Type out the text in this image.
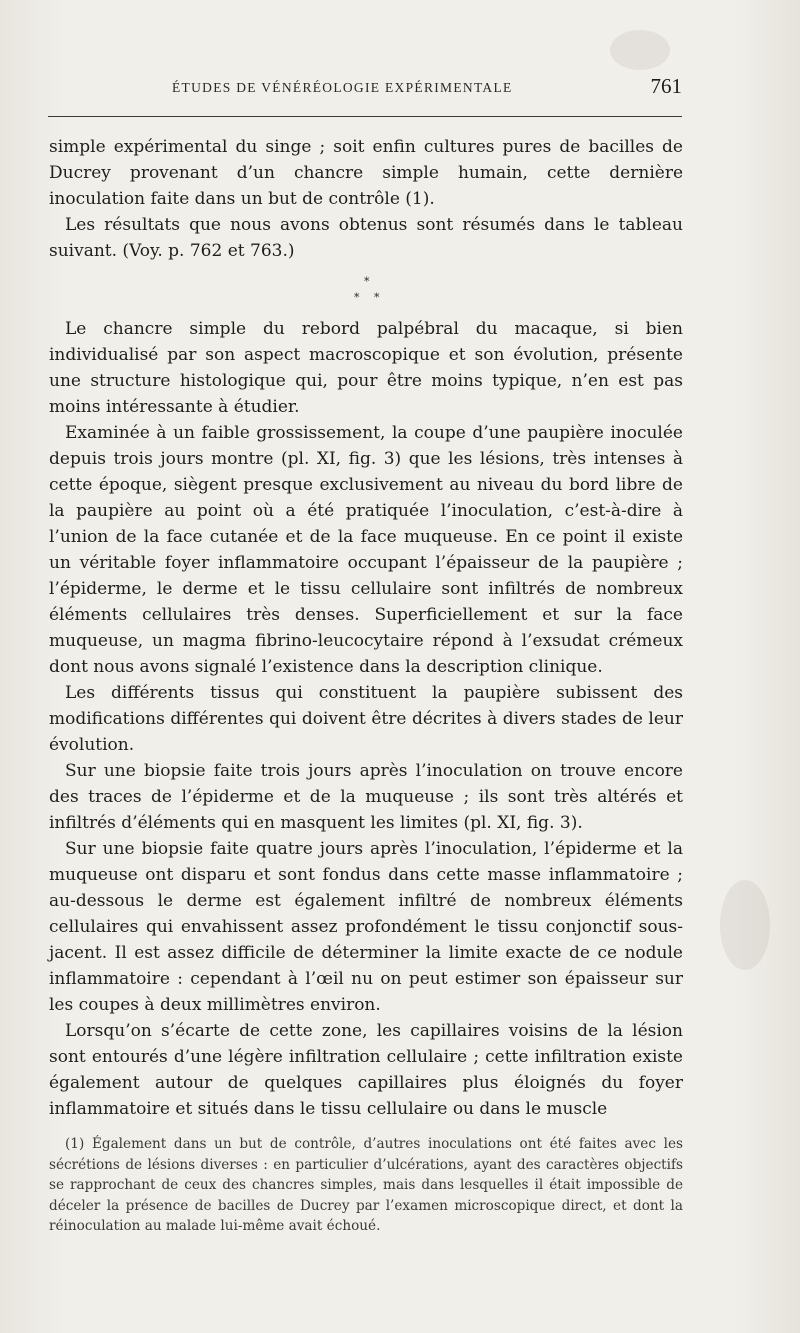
ÉTUDES DE VÉNÉRÉOLOGIE EXPÉRIMENTALE	761

simple expérimental du singe ; soit enfin cultures pures de bacilles de Ducrey provenant d’un chancre simple humain, cette dernière inoculation faite dans un but de contrôle (1).

Les résultats que nous avons obtenus sont résumés dans le tableau suivant. (Voy. p. 762 et 763.)

*
* *

Le chancre simple du rebord palpébral du macaque, si bien individualisé par son aspect macroscopique et son évolution, présente une structure histologique qui, pour être moins typique, n’en est pas moins intéressante à étudier.

Examinée à un faible grossissement, la coupe d’une paupière inoculée depuis trois jours montre (pl. XI, fig. 3) que les lésions, très intenses à cette époque, siègent presque exclusivement au niveau du bord libre de la paupière au point où a été pratiquée l’inoculation, c’est-à-dire à l’union de la face cutanée et de la face muqueuse. En ce point il existe un véritable foyer inflammatoire occupant l’épaisseur de la paupière ; l’épiderme, le derme et le tissu cellulaire sont infiltrés de nombreux éléments cellulaires très denses. Superficiellement et sur la face muqueuse, un magma fibrino-leucocytaire répond à l’exsudat crémeux dont nous avons signalé l’existence dans la description clinique.

Les différents tissus qui constituent la paupière subissent des modifications différentes qui doivent être décrites à divers stades de leur évolution.

Sur une biopsie faite trois jours après l’inoculation on trouve encore des traces de l’épiderme et de la muqueuse ; ils sont très altérés et infiltrés d’éléments qui en masquent les limites (pl. XI, fig. 3).

Sur une biopsie faite quatre jours après l’inoculation, l’épiderme et la muqueuse ont disparu et sont fondus dans cette masse inflammatoire ; au-dessous le derme est également infiltré de nombreux éléments cellulaires qui envahissent assez profondément le tissu conjonctif sous-jacent. Il est assez difficile de déterminer la limite exacte de ce nodule inflammatoire : cependant à l’œil nu on peut estimer son épaisseur sur les coupes à deux millimètres environ.

Lorsqu’on s’écarte de cette zone, les capillaires voisins de la lésion sont entourés d’une légère infiltration cellulaire ; cette infiltration existe également autour de quelques capillaires plus éloignés du foyer inflammatoire et situés dans le tissu cellulaire ou dans le muscle

(1) Également dans un but de contrôle, d’autres inoculations ont été faites avec les sécrétions de lésions diverses : en particulier d’ulcérations, ayant des caractères objectifs se rapprochant de ceux des chancres simples, mais dans lesquelles il était impossible de déceler la présence de bacilles de Ducrey par l’examen microscopique direct, et dont la réinoculation au malade lui-même avait échoué.
